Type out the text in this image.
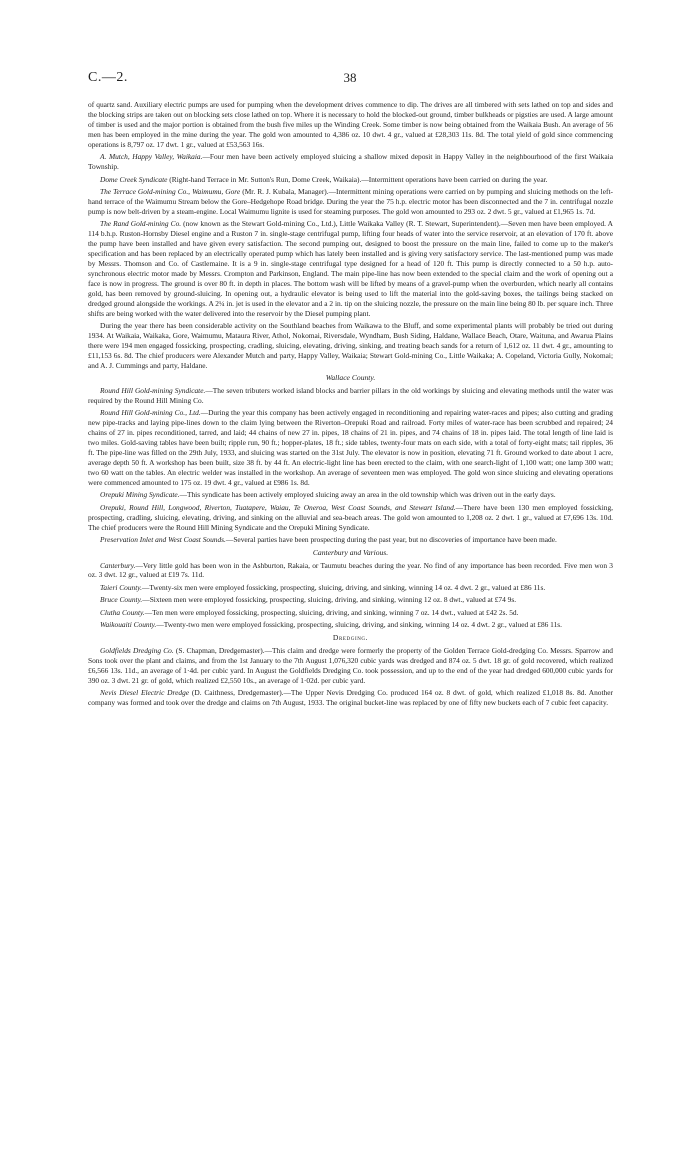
C.—2.	38

of quartz sand. Auxiliary electric pumps are used for pumping when the development drives commence to dip. The drives are all timbered with sets lathed on top and sides and the blocking strips are taken out on blocking sets close lathed on top. Where it is necessary to hold the blocked-out ground, timber bulkheads or pigsties are used. A large amount of timber is used and the major portion is obtained from the bush five miles up the Winding Creek. Some timber is now being obtained from the Waikaia Bush. An average of 56 men has been employed in the mine during the year. The gold won amounted to 4,386 oz. 10 dwt. 4 gr., valued at £28,303 11s. 8d. The total yield of gold since commencing operations is 8,797 oz. 17 dwt. 1 gr., valued at £53,563 16s.

A. Mutch, Happy Valley, Waikaia.—Four men have been actively employed sluicing a shallow mixed deposit in Happy Valley in the neighbourhood of the first Waikaia Township.

Dome Creek Syndicate (Right-hand Terrace in Mr. Sutton's Run, Dome Creek, Waikaia).—Intermittent operations have been carried on during the year.

The Terrace Gold-mining Co., Waimumu, Gore (Mr. R. J. Kubala, Manager).—Intermittent mining operations were carried on by pumping and sluicing methods on the left-hand terrace of the Waimumu Stream below the Gore–Hedgehope Road bridge. During the year the 75 h.p. electric motor has been disconnected and the 7 in. centrifugal nozzle pump is now belt-driven by a steam-engine. Local Waimumu lignite is used for steaming purposes. The gold won amounted to 293 oz. 2 dwt. 5 gr., valued at £1,965 1s. 7d.

The Rand Gold-mining Co. (now known as the Stewart Gold-mining Co., Ltd.), Little Waikaka Valley (R. T. Stewart, Superintendent).—Seven men have been employed. A 114 b.h.p. Ruston-Hornsby Diesel engine and a Ruston 7 in. single-stage centrifugal pump, lifting four heads of water into the service reservoir, at an elevation of 170 ft. above the pump have been installed and have given every satisfaction. The second pumping out, designed to boost the pressure on the main line, failed to come up to the maker's specification and has been replaced by an electrically operated pump which has lately been installed and is giving very satisfactory service. The last-mentioned pump was made by Messrs. Thomson and Co. of Castlemaine. It is a 9 in. single-stage centrifugal type designed for a head of 120 ft. This pump is directly connected to a 50 h.p. auto-synchronous electric motor made by Messrs. Crompton and Parkinson, England. The main pipe-line has now been extended to the special claim and the work of opening out a face is now in progress. The ground is over 80 ft. in depth in places. The bottom wash will be lifted by means of a gravel-pump when the overburden, which nearly all contains gold, has been removed by ground-sluicing. In opening out, a hydraulic elevator is being used to lift the material into the gold-saving boxes, the tailings being stacked on dredged ground alongside the workings. A 2¼ in. jet is used in the elevator and a 2 in. tip on the sluicing nozzle, the pressure on the main line being 80 lb. per square inch. Three shifts are being worked with the water delivered into the reservoir by the Diesel pumping plant.

During the year there has been considerable activity on the Southland beaches from Waikawa to the Bluff, and some experimental plants will probably be tried out during 1934. At Waikaia, Waikaka, Gore, Waimumu, Mataura River, Athol, Nokomai, Riversdale, Wyndham, Bush Siding, Haldane, Wallace Beach, Otare, Waituna, and Awarua Plains there were 194 men engaged fossicking, prospecting, cradling, sluicing, elevating, driving, sinking, and treating beach sands for a return of 1,612 oz. 11 dwt. 4 gr., amounting to £11,153 6s. 8d. The chief producers were Alexander Mutch and party, Happy Valley, Waikaia; Stewart Gold-mining Co., Little Waikaka; A. Copeland, Victoria Gully, Nokomai; and A. J. Cummings and party, Haldane.

Wallace County.

Round Hill Gold-mining Syndicate.—The seven tributers worked island blocks and barrier pillars in the old workings by sluicing and elevating methods until the water was required by the Round Hill Mining Co.

Round Hill Gold-mining Co., Ltd.—During the year this company has been actively engaged in reconditioning and repairing water-races and pipes; also cutting and grading new pipe-tracks and laying pipe-lines down to the claim lying between the Riverton–Orepuki Road and railroad. Forty miles of water-race has been scrubbed and repaired; 24 chains of 27 in. pipes reconditioned, tarred, and laid; 44 chains of new 27 in. pipes, 18 chains of 21 in. pipes, and 74 chains of 18 in. pipes laid. The total length of line laid is two miles. Gold-saving tables have been built; ripple run, 90 ft.; hopper-plates, 18 ft.; side tables, twenty-four mats on each side, with a total of forty-eight mats; tail ripples, 36 ft. The pipe-line was filled on the 29th July, 1933, and sluicing was started on the 31st July. The elevator is now in position, elevating 71 ft. Ground worked to date about 1 acre, average depth 50 ft. A workshop has been built, size 38 ft. by 44 ft. An electric-light line has been erected to the claim, with one search-light of 1,100 watt; one lamp 300 watt; two 60 watt on the tables. An electric welder was installed in the workshop. An average of seventeen men was employed. The gold won since sluicing and elevating operations were commenced amounted to 175 oz. 19 dwt. 4 gr., valued at £986 1s. 8d.

Orepuki Mining Syndicate.—This syndicate has been actively employed sluicing away an area in the old township which was driven out in the early days.

Orepuki, Round Hill, Longwood, Riverton, Tuatapere, Waiau, Te Oneroa, West Coast Sounds, and Stewart Island.—There have been 130 men employed fossicking, prospecting, cradling, sluicing, elevating, driving, and sinking on the alluvial and sea-beach areas. The gold won amounted to 1,208 oz. 2 dwt. 1 gr., valued at £7,696 13s. 10d. The chief producers were the Round Hill Mining Syndicate and the Orepuki Mining Syndicate.

Preservation Inlet and West Coast Sounds.—Several parties have been prospecting during the past year, but no discoveries of importance have been made.

Canterbury and Various.

Canterbury.—Very little gold has been won in the Ashburton, Rakaia, or Taumutu beaches during the year. No find of any importance has been recorded. Five men won 3 oz. 3 dwt. 12 gr., valued at £19 7s. 11d.

Taieri County.—Twenty-six men were employed fossicking, prospecting, sluicing, driving, and sinking, winning 14 oz. 4 dwt. 2 gr., valued at £86 11s.

Bruce County.—Sixteen men were employed fossicking, prospecting, sluicing, driving, and sinking, winning 12 oz. 8 dwt., valued at £74 9s.

Clutha County.—Ten men were employed fossicking, prospecting, sluicing, driving, and sinking, winning 7 oz. 14 dwt., valued at £42 2s. 5d.

Waikouaiti County.—Twenty-two men were employed fossicking, prospecting, sluicing, driving, and sinking, winning 14 oz. 4 dwt. 2 gr., valued at £86 11s.

Dredging.

Goldfields Dredging Co. (S. Chapman, Dredgemaster).—This claim and dredge were formerly the property of the Golden Terrace Gold-dredging Co. Messrs. Sparrow and Sons took over the plant and claims, and from the 1st January to the 7th August 1,076,320 cubic yards was dredged and 874 oz. 5 dwt. 18 gr. of gold recovered, which realized £6,566 13s. 11d., an average of 1·4d. per cubic yard. In August the Goldfields Dredging Co. took possession, and up to the end of the year had dredged 600,000 cubic yards for 390 oz. 3 dwt. 21 gr. of gold, which realized £2,550 10s., an average of 1·02d. per cubic yard.

Nevis Diesel Electric Dredge (D. Caithness, Dredgemaster).—The Upper Nevis Dredging Co. produced 164 oz. 8 dwt. of gold, which realized £1,018 8s. 8d. Another company was formed and took over the dredge and claims on 7th August, 1933. The original bucket-line was replaced by one of fifty new buckets each of 7 cubic feet capacity.
